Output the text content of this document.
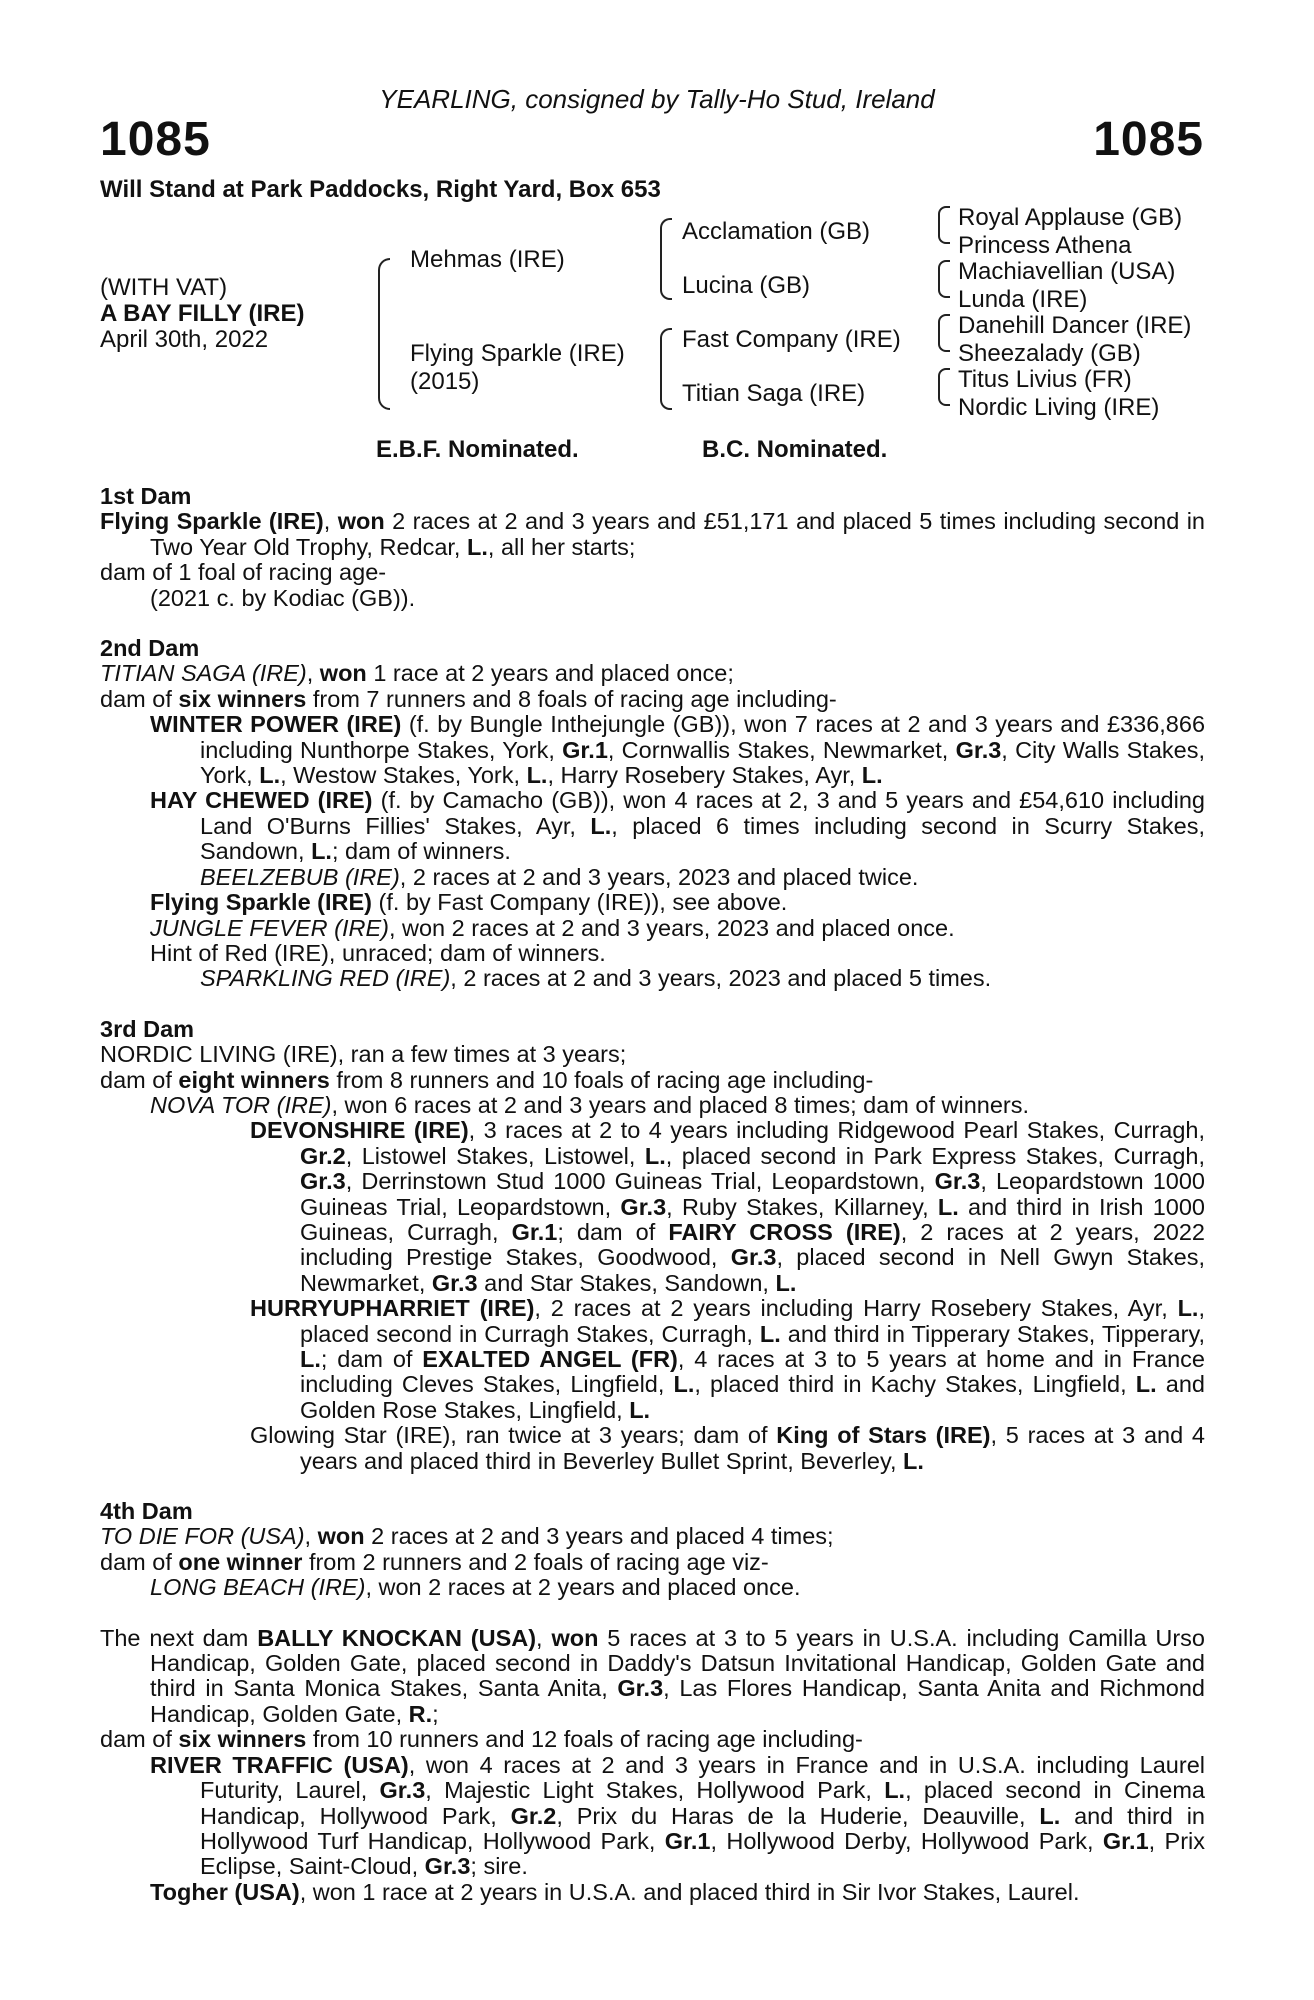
YEARLING, consigned by Tally-Ho Stud, Ireland
1085	1085
Will Stand at Park Paddocks, Right Yard, Box 653
(WITH VAT)
A BAY FILLY (IRE)
April 30th, 2022
Mehmas (IRE)
Flying Sparkle (IRE)
(2015)
Acclamation (GB)
Lucina (GB)
Fast Company (IRE)
Titian Saga (IRE)
Royal Applause (GB)
Princess Athena
Machiavellian (USA)
Lunda (IRE)
Danehill Dancer (IRE)
Sheezalady (GB)
Titus Livius (FR)
Nordic Living (IRE)
E.B.F. Nominated.	B.C. Nominated.

1st Dam

Flying Sparkle (IRE), won 2 races at 2 and 3 years and £51,171 and placed 5 times including second in Two Year Old Trophy, Redcar, L., all her starts;

dam of 1 foal of racing age-

(2021 c. by Kodiac (GB)).

2nd Dam

TITIAN SAGA (IRE), won 1 race at 2 years and placed once;

dam of six winners from 7 runners and 8 foals of racing age including-

WINTER POWER (IRE) (f. by Bungle Inthejungle (GB)), won 7 races at 2 and 3 years and £336,866 including Nunthorpe Stakes, York, Gr.1, Cornwallis Stakes, Newmarket, Gr.3, City Walls Stakes, York, L., Westow Stakes, York, L., Harry Rosebery Stakes, Ayr, L.

HAY CHEWED (IRE) (f. by Camacho (GB)), won 4 races at 2, 3 and 5 years and £54,610 including Land O'Burns Fillies' Stakes, Ayr, L., placed 6 times including second in Scurry Stakes, Sandown, L.; dam of winners.

BEELZEBUB (IRE), 2 races at 2 and 3 years, 2023 and placed twice.

Flying Sparkle (IRE) (f. by Fast Company (IRE)), see above.

JUNGLE FEVER (IRE), won 2 races at 2 and 3 years, 2023 and placed once.

Hint of Red (IRE), unraced; dam of winners.

SPARKLING RED (IRE), 2 races at 2 and 3 years, 2023 and placed 5 times.

3rd Dam

NORDIC LIVING (IRE), ran a few times at 3 years;

dam of eight winners from 8 runners and 10 foals of racing age including-

NOVA TOR (IRE), won 6 races at 2 and 3 years and placed 8 times; dam of winners.

DEVONSHIRE (IRE), 3 races at 2 to 4 years including Ridgewood Pearl Stakes, Curragh, Gr.2, Listowel Stakes, Listowel, L., placed second in Park Express Stakes, Curragh, Gr.3, Derrinstown Stud 1000 Guineas Trial, Leopardstown, Gr.3, Leopardstown 1000 Guineas Trial, Leopardstown, Gr.3, Ruby Stakes, Killarney, L. and third in Irish 1000 Guineas, Curragh, Gr.1; dam of FAIRY CROSS (IRE), 2 races at 2 years, 2022 including Prestige Stakes, Goodwood, Gr.3, placed second in Nell Gwyn Stakes, Newmarket, Gr.3 and Star Stakes, Sandown, L.

HURRYUPHARRIET (IRE), 2 races at 2 years including Harry Rosebery Stakes, Ayr, L., placed second in Curragh Stakes, Curragh, L. and third in Tipperary Stakes, Tipperary, L.; dam of EXALTED ANGEL (FR), 4 races at 3 to 5 years at home and in France including Cleves Stakes, Lingfield, L., placed third in Kachy Stakes, Lingfield, L. and Golden Rose Stakes, Lingfield, L.

Glowing Star (IRE), ran twice at 3 years; dam of King of Stars (IRE), 5 races at 3 and 4 years and placed third in Beverley Bullet Sprint, Beverley, L.

4th Dam

TO DIE FOR (USA), won 2 races at 2 and 3 years and placed 4 times;

dam of one winner from 2 runners and 2 foals of racing age viz-

LONG BEACH (IRE), won 2 races at 2 years and placed once.

The next dam BALLY KNOCKAN (USA), won 5 races at 3 to 5 years in U.S.A. including Camilla Urso Handicap, Golden Gate, placed second in Daddy's Datsun Invitational Handicap, Golden Gate and third in Santa Monica Stakes, Santa Anita, Gr.3, Las Flores Handicap, Santa Anita and Richmond Handicap, Golden Gate, R.;

dam of six winners from 10 runners and 12 foals of racing age including-

RIVER TRAFFIC (USA), won 4 races at 2 and 3 years in France and in U.S.A. including Laurel Futurity, Laurel, Gr.3, Majestic Light Stakes, Hollywood Park, L., placed second in Cinema Handicap, Hollywood Park, Gr.2, Prix du Haras de la Huderie, Deauville, L. and third in Hollywood Turf Handicap, Hollywood Park, Gr.1, Hollywood Derby, Hollywood Park, Gr.1, Prix Eclipse, Saint-Cloud, Gr.3; sire.

Togher (USA), won 1 race at 2 years in U.S.A. and placed third in Sir Ivor Stakes, Laurel.
